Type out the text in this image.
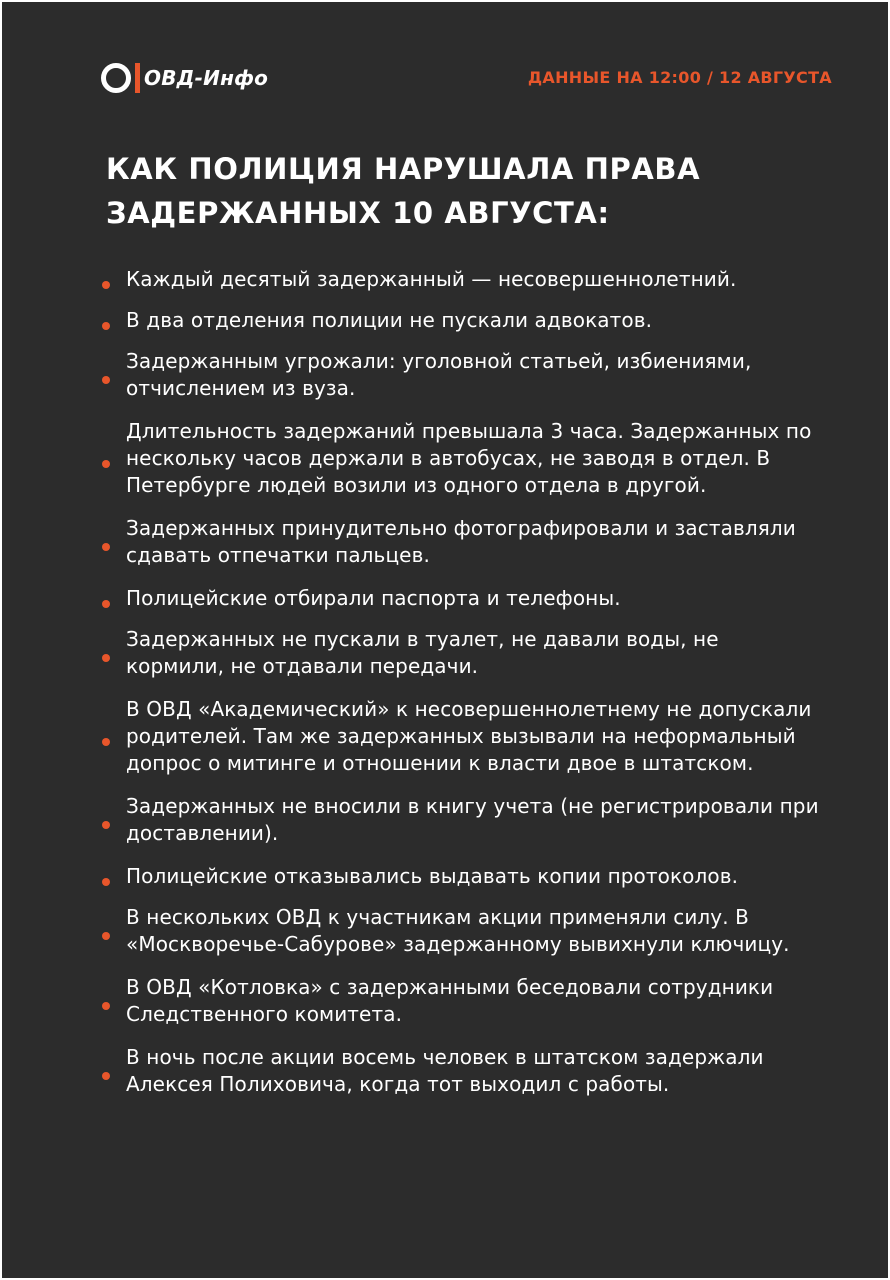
ОВД-Инфо	ДАННЫЕ НА 12:00 / 12 АВГУСТА
КАК ПОЛИЦИЯ НАРУШАЛА ПРАВА
ЗАДЕРЖАННЫХ 10 АВГУСТА:
Каждый десятый задержанный — несовершеннолетний.
В два отделения полиции не пускали адвокатов.
Задержанным угрожали: уголовной статьей, избиениями, отчислением из вуза.
Длительность задержаний превышала 3 часа. Задержанных по нескольку часов держали в автобусах, не заводя в отдел. В Петербурге людей возили из одного отдела в другой.
Задержанных принудительно фотографировали и заставляли сдавать отпечатки пальцев.
Полицейские отбирали паспорта и телефоны.
Задержанных не пускали в туалет, не давали воды, не кормили, не отдавали передачи.
В ОВД «Академический» к несовершеннолетнему не допускали родителей. Там же задержанных вызывали на неформальный допрос о митинге и отношении к власти двое в штатском.
Задержанных не вносили в книгу учета (не регистрировали при доставлении).
Полицейские отказывались выдавать копии протоколов.
В нескольких ОВД к участникам акции применяли силу. В «Москворечье-Сабурове» задержанному вывихнули ключицу.
В ОВД «Котловка» с задержанными беседовали сотрудники Следственного комитета.
В ночь после акции восемь человек в штатском задержали Алексея Полиховича, когда тот выходил с работы.
